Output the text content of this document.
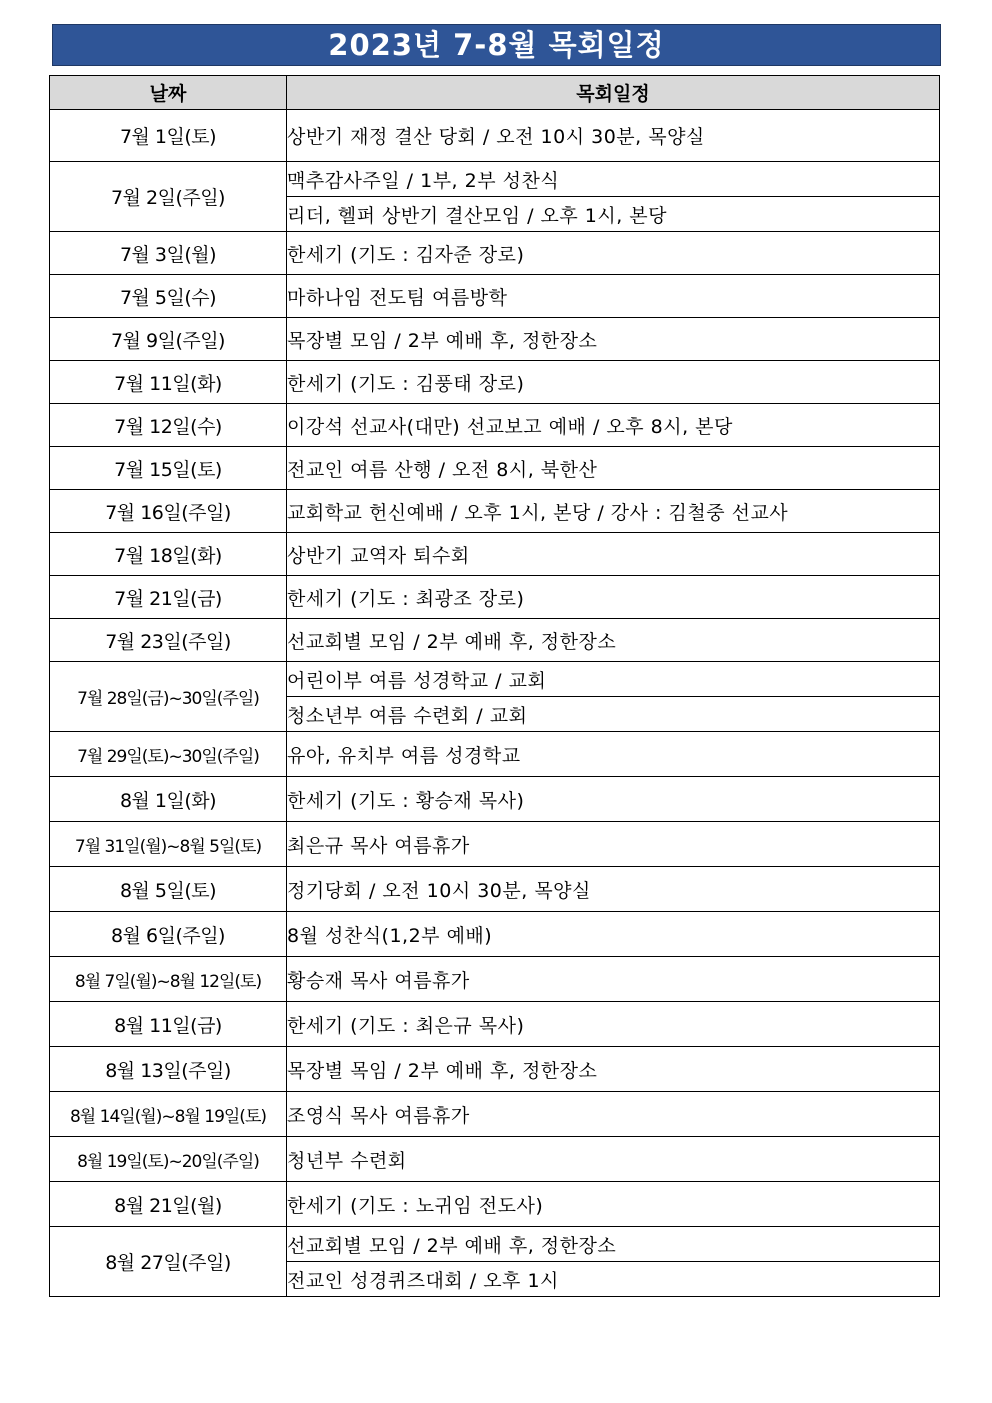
2023년 7-8월 목회일정
날짜	목회일정
7월 1일(토)	상반기 재정 결산 당회 / 오전 10시 30분, 목양실
7월 2일(주일)	맥추감사주일 / 1부, 2부 성찬식
	리더, 헬퍼 상반기 결산모임 / 오후 1시, 본당
7월 3일(월)	한세기 (기도 : 김자준 장로)
7월 5일(수)	마하나임 전도팀 여름방학
7월 9일(주일)	목장별 모임 / 2부 예배 후, 정한장소
7월 11일(화)	한세기 (기도 : 김풍태 장로)
7월 12일(수)	이강석 선교사(대만) 선교보고 예배 / 오후 8시, 본당
7월 15일(토)	전교인 여름 산행 / 오전 8시, 북한산
7월 16일(주일)	교회학교 헌신예배 / 오후 1시, 본당 / 강사 : 김철중 선교사
7월 18일(화)	상반기 교역자 퇴수회
7월 21일(금)	한세기 (기도 : 최광조 장로)
7월 23일(주일)	선교회별 모임 / 2부 예배 후, 정한장소
7월 28일(금)~30일(주일)	어린이부 여름 성경학교 / 교회
	청소년부 여름 수련회 / 교회
7월 29일(토)~30일(주일)	유아, 유치부 여름 성경학교
8월 1일(화)	한세기 (기도 : 황승재 목사)
7월 31일(월)~8월 5일(토)	최은규 목사 여름휴가
8월 5일(토)	정기당회 / 오전 10시 30분, 목양실
8월 6일(주일)	8월 성찬식(1,2부 예배)
8월 7일(월)~8월 12일(토)	황승재 목사 여름휴가
8월 11일(금)	한세기 (기도 : 최은규 목사)
8월 13일(주일)	목장별 목임 / 2부 예배 후, 정한장소
8월 14일(월)~8월 19일(토)	조영식 목사 여름휴가
8월 19일(토)~20일(주일)	청년부 수련회
8월 21일(월)	한세기 (기도 : 노귀임 전도사)
8월 27일(주일)	선교회별 모임 / 2부 예배 후, 정한장소
	전교인 성경퀴즈대회 / 오후 1시
